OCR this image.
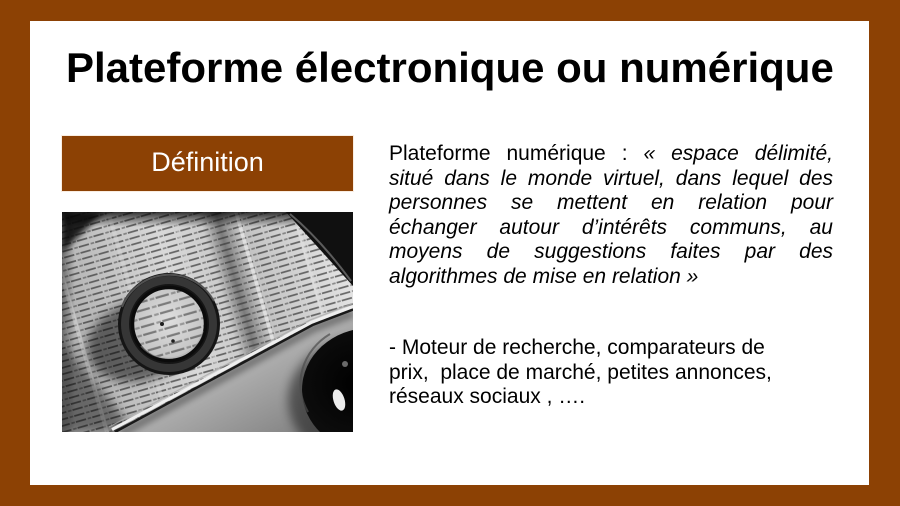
Plateforme électronique ou numérique
Définition	Plateforme numérique : « espace délimité,
situé dans le monde virtuel, dans lequel des
personnes se mettent en relation pour
échanger autour d’intérêts communs, au
moyens de suggestions faites par des
algorithmes de mise en relation »
- Moteur de recherche, comparateurs de
prix,  place de marché, petites annonces,
réseaux sociaux , ….
